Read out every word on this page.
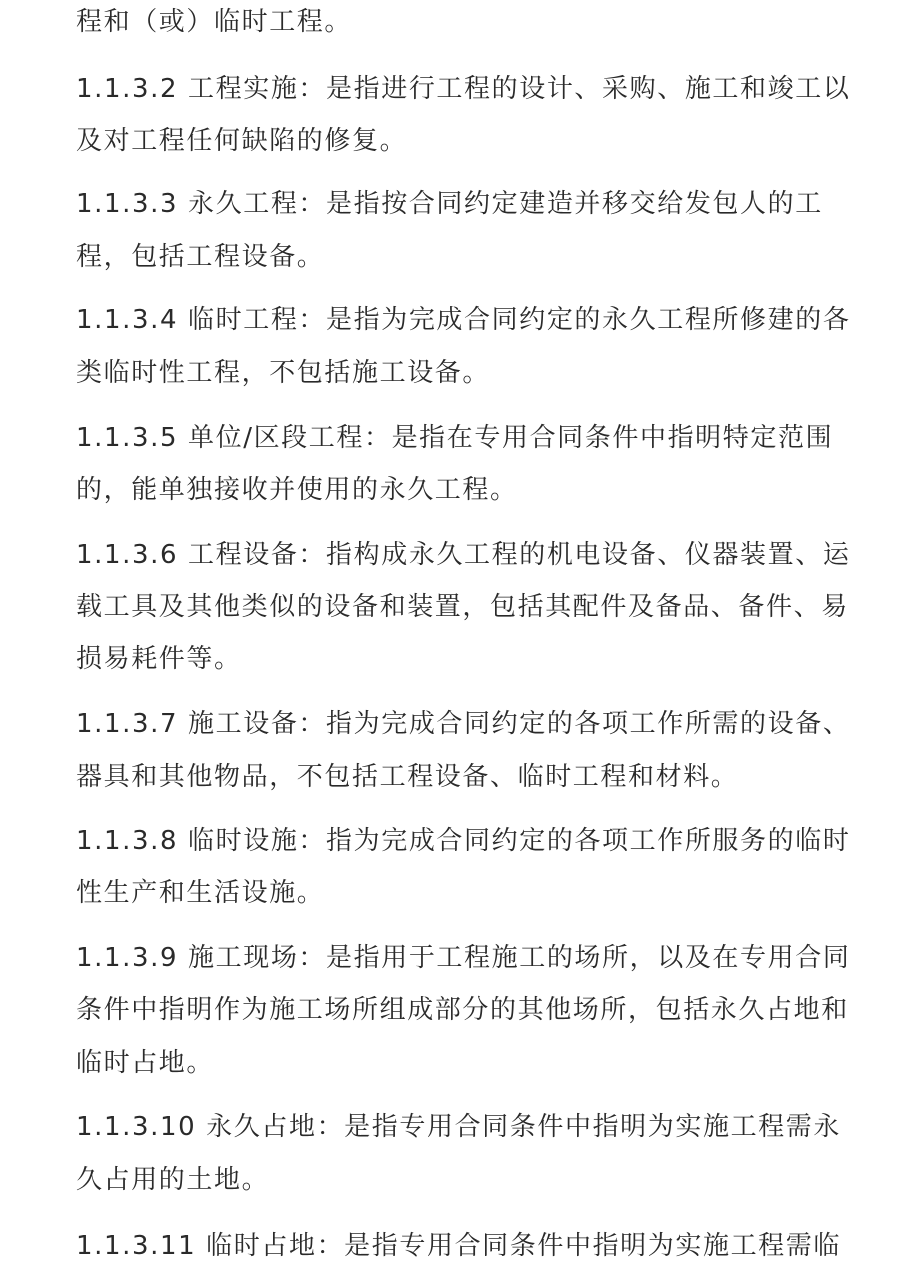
程和（或）临时工程。
1.1.3.2 工程实施：是指进行工程的设计、采购、施工和竣工以
及对工程任何缺陷的修复。
1.1.3.3 永久工程：是指按合同约定建造并移交给发包人的工
程，包括工程设备。
1.1.3.4 临时工程：是指为完成合同约定的永久工程所修建的各
类临时性工程，不包括施工设备。
1.1.3.5 单位/区段工程：是指在专用合同条件中指明特定范围
的，能单独接收并使用的永久工程。
1.1.3.6 工程设备：指构成永久工程的机电设备、仪器装置、运
载工具及其他类似的设备和装置，包括其配件及备品、备件、易
损易耗件等。
1.1.3.7 施工设备：指为完成合同约定的各项工作所需的设备、
器具和其他物品，不包括工程设备、临时工程和材料。
1.1.3.8 临时设施：指为完成合同约定的各项工作所服务的临时
性生产和生活设施。
1.1.3.9 施工现场：是指用于工程施工的场所，以及在专用合同
条件中指明作为施工场所组成部分的其他场所，包括永久占地和
临时占地。
1.1.3.10 永久占地：是指专用合同条件中指明为实施工程需永
久占用的土地。
1.1.3.11 临时占地：是指专用合同条件中指明为实施工程需临
